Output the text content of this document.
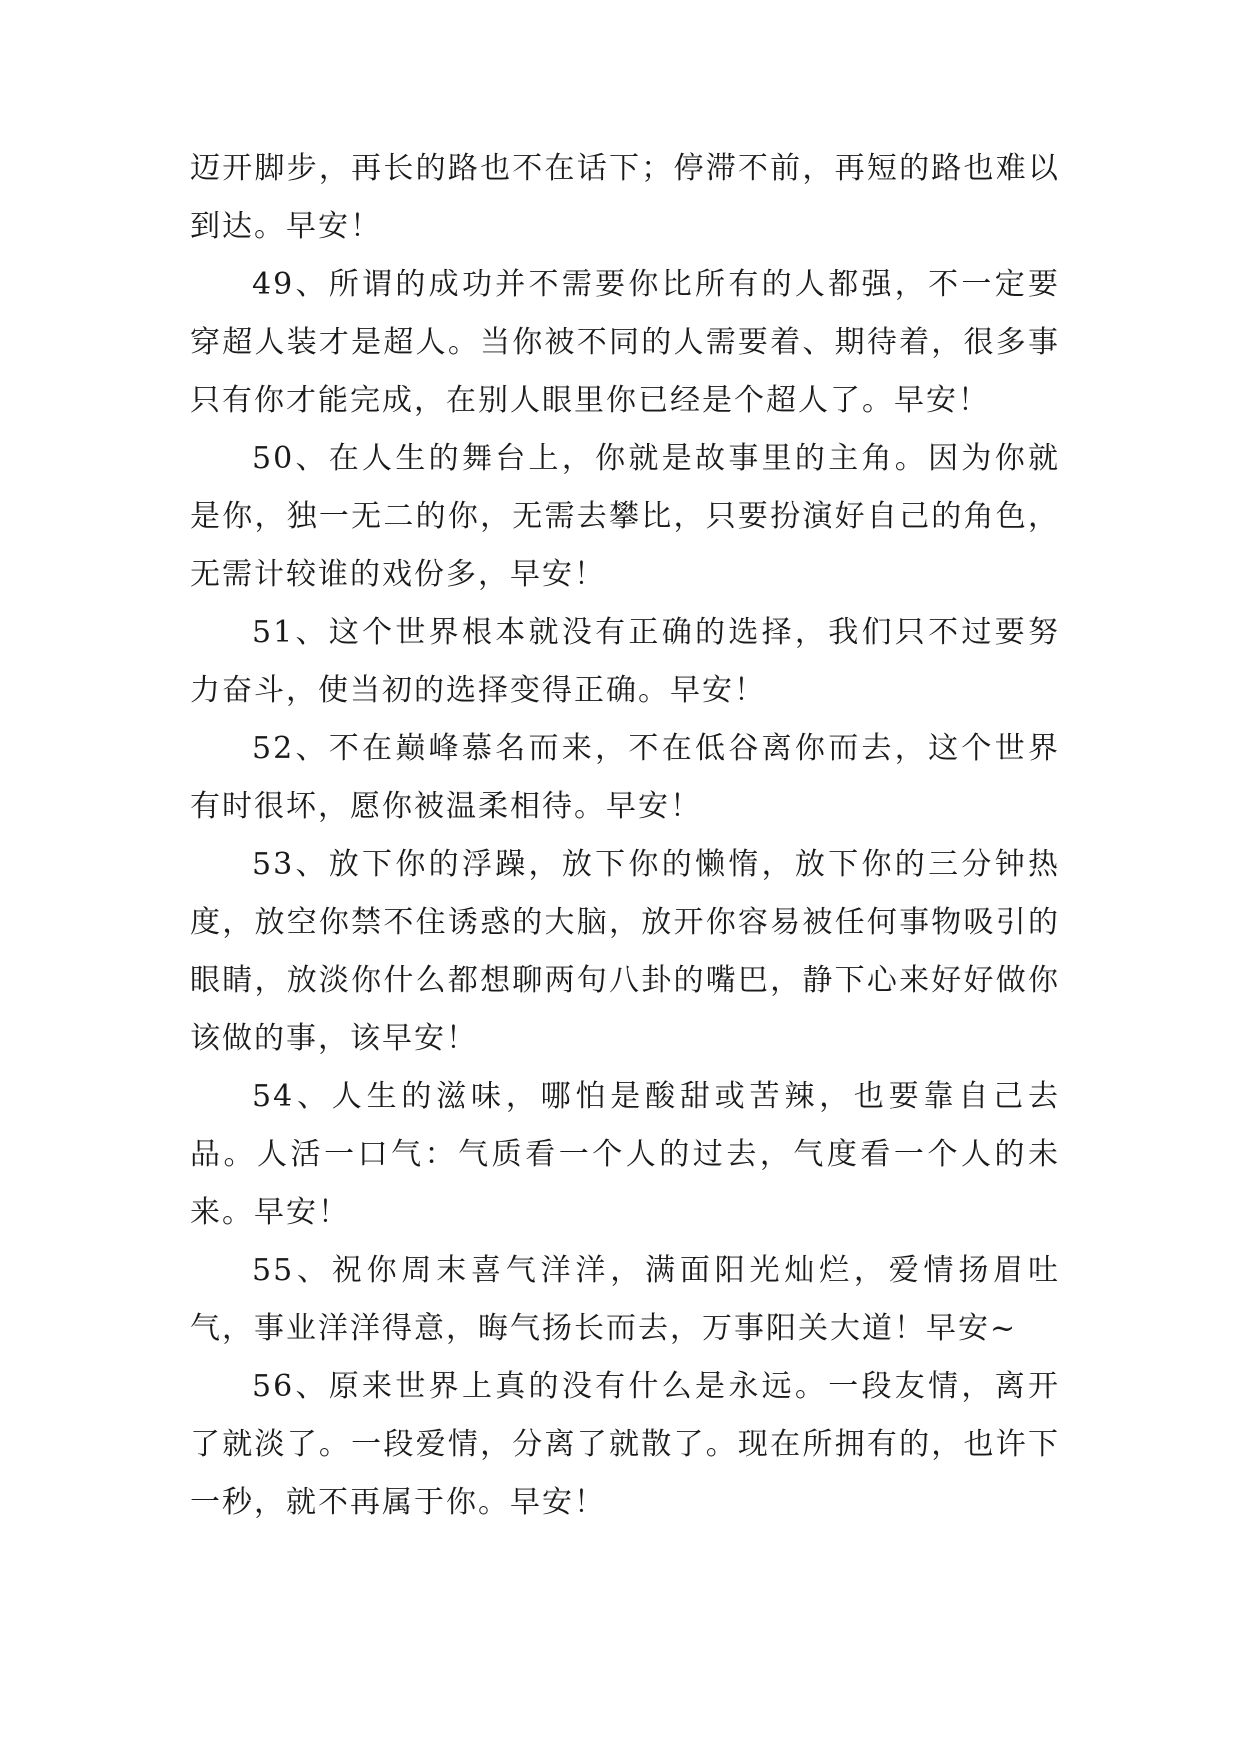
迈开脚步，再长的路也不在话下；停滞不前，再短的路也难以到达。早安！

49、所谓的成功并不需要你比所有的人都强，不一定要穿超人装才是超人。当你被不同的人需要着、期待着，很多事只有你才能完成，在别人眼里你已经是个超人了。早安！

50、在人生的舞台上，你就是故事里的主角。因为你就是你，独一无二的你，无需去攀比，只要扮演好自己的角色，无需计较谁的戏份多，早安！

51、这个世界根本就没有正确的选择，我们只不过要努力奋斗，使当初的选择变得正确。早安！

52、不在巅峰慕名而来，不在低谷离你而去，这个世界有时很坏，愿你被温柔相待。早安！

53、放下你的浮躁，放下你的懒惰，放下你的三分钟热度，放空你禁不住诱惑的大脑，放开你容易被任何事物吸引的眼睛，放淡你什么都想聊两句八卦的嘴巴，静下心来好好做你该做的事，该早安！

54、人生的滋味，哪怕是酸甜或苦辣，也要靠自己去品。人活一口气：气质看一个人的过去，气度看一个人的未来。早安！

55、祝你周末喜气洋洋，满面阳光灿烂，爱情扬眉吐气，事业洋洋得意，晦气扬长而去，万事阳关大道！早安~

56、原来世界上真的没有什么是永远。一段友情，离开了就淡了。一段爱情，分离了就散了。现在所拥有的，也许下一秒，就不再属于你。早安！
